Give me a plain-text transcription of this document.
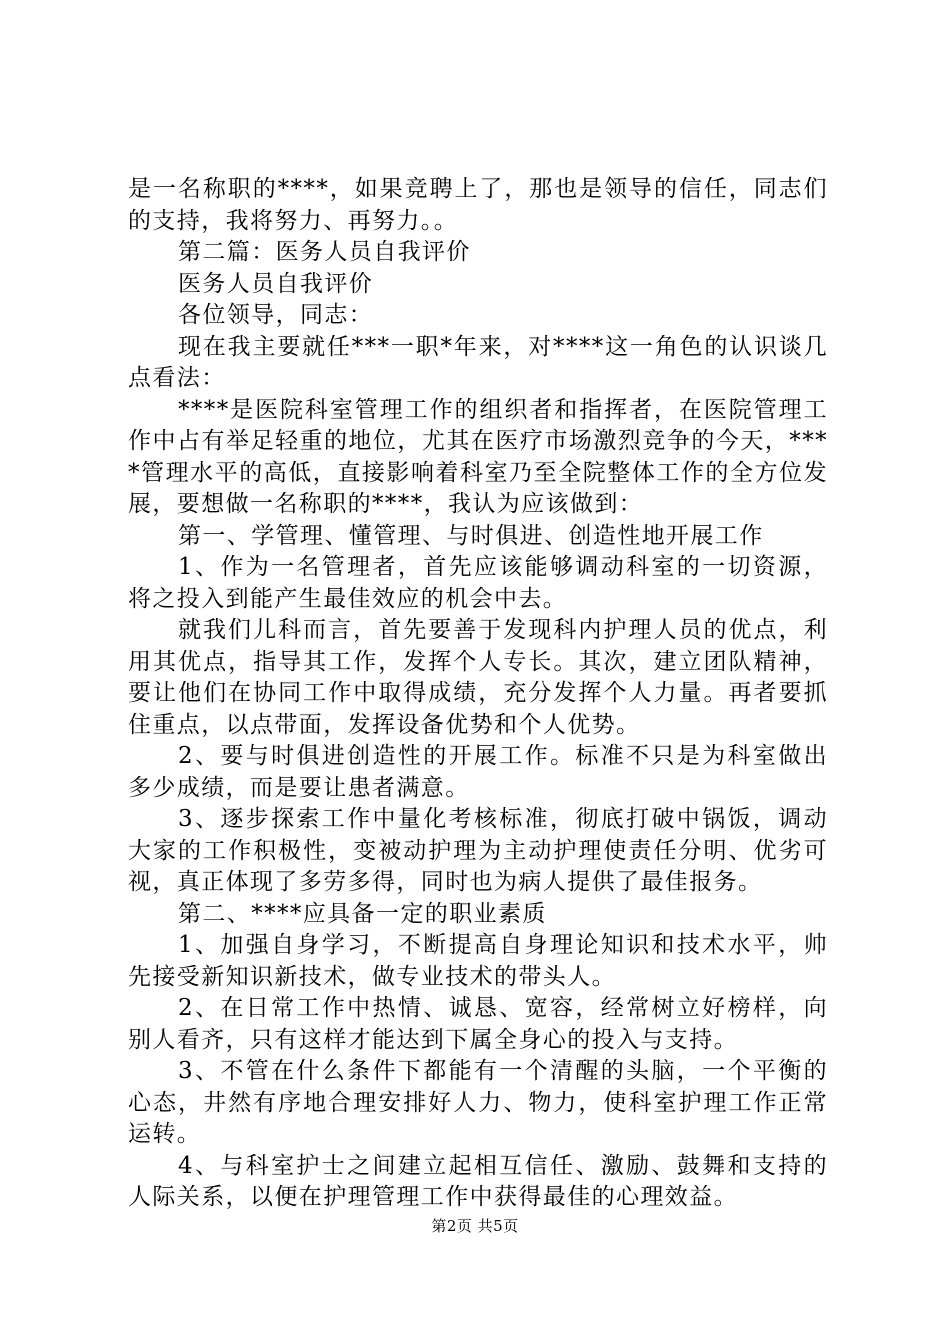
是一名称职的****，如果竞聘上了，那也是领导的信任，同志们的支持，我将努力、再努力。。

第二篇：医务人员自我评价

医务人员自我评价

各位领导，同志：

现在我主要就任***一职*年来，对****这一角色的认识谈几点看法：

****是医院科室管理工作的组织者和指挥者，在医院管理工作中占有举足轻重的地位，尤其在医疗市场激烈竞争的今天，****管理水平的高低，直接影响着科室乃至全院整体工作的全方位发展，要想做一名称职的****，我认为应该做到：

第一、学管理、懂管理、与时俱进、创造性地开展工作

1、作为一名管理者，首先应该能够调动科室的一切资源，将之投入到能产生最佳效应的机会中去。

就我们儿科而言，首先要善于发现科内护理人员的优点，利用其优点，指导其工作，发挥个人专长。其次，建立团队精神，要让他们在协同工作中取得成绩，充分发挥个人力量。再者要抓住重点，以点带面，发挥设备优势和个人优势。

2、要与时俱进创造性的开展工作。标准不只是为科室做出多少成绩，而是要让患者满意。

3、逐步探索工作中量化考核标准，彻底打破中锅饭，调动大家的工作积极性，变被动护理为主动护理使责任分明、优劣可视，真正体现了多劳多得，同时也为病人提供了最佳报务。

第二、****应具备一定的职业素质

1、加强自身学习，不断提高自身理论知识和技术水平，帅先接受新知识新技术，做专业技术的带头人。

2、在日常工作中热情、诚恳、宽容，经常树立好榜样，向别人看齐，只有这样才能达到下属全身心的投入与支持。

3、不管在什么条件下都能有一个清醒的头脑，一个平衡的心态，井然有序地合理安排好人力、物力，使科室护理工作正常运转。

4、与科室护士之间建立起相互信任、激励、鼓舞和支持的人际关系，以便在护理管理工作中获得最佳的心理效益。

第2页 共5页
